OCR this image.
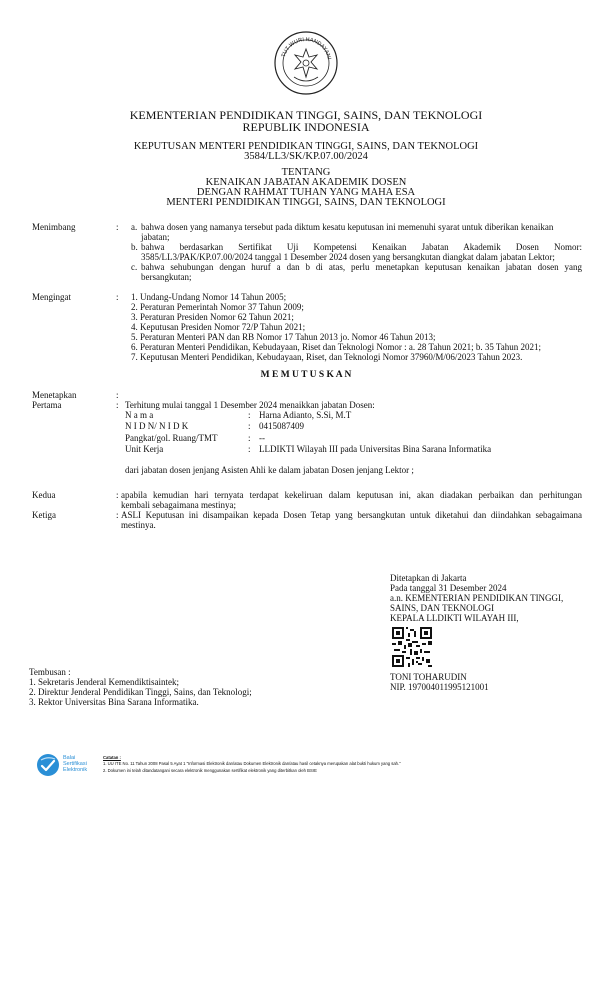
TUT WURI HANDAYANI
KEMENTERIAN PENDIDIKAN TINGGI, SAINS, DAN TEKNOLOGI
REPUBLIK INDONESIA
KEPUTUSAN MENTERI PENDIDIKAN TINGGI, SAINS, DAN TEKNOLOGI
3584/LL3/SK/KP.07.00/2024
TENTANG
KENAIKAN JABATAN AKADEMIK DOSEN
DENGAN RAHMAT TUHAN YANG MAHA ESA
MENTERI PENDIDIKAN TINGGI, SAINS, DAN TEKNOLOGI
Menimbang	: a. bahwa dosen yang namanya tersebut pada diktum kesatu keputusan ini memenuhi syarat untuk diberikan kenaikan
jabatan;
b. bahwa berdasarkan Sertifikat Uji Kompetensi Kenaikan Jabatan Akademik Dosen Nomor:
3585/LL3/PAK/KP.07.00/2024 tanggal 1 Desember 2024 dosen yang bersangkutan diangkat dalam jabatan Lektor;
c. bahwa sehubungan dengan huruf a dan b di atas, perlu menetapkan keputusan kenaikan jabatan dosen yang
bersangkutan;
Mengingat	: 1. Undang-Undang Nomor 14 Tahun 2005;
2. Peraturan Pemerintah Nomor 37 Tahun 2009;
3. Peraturan Presiden Nomor 62 Tahun 2021;
4. Keputusan Presiden Nomor 72/P Tahun 2021;
5. Peraturan Menteri PAN dan RB Nomor 17 Tahun 2013 jo. Nomor 46 Tahun 2013;
6. Peraturan Menteri Pendidikan, Kebudayaan, Riset dan Teknologi Nomor : a. 28 Tahun 2021; b. 35 Tahun 2021;
7. Keputusan Menteri Pendidikan, Kebudayaan, Riset, dan Teknologi Nomor 37960/M/06/2023 Tahun 2023.
M E M U T U S K A N
Menetapkan	:
Pertama	: Terhitung mulai tanggal 1 Desember 2024 menaikkan jabatan Dosen:
N a m a	: Harna Adianto, S.Si, M.T
N I D N/ N I D K	: 0415087409
Pangkat/gol. Ruang/TMT	: --
Unit Kerja	: LLDIKTI Wilayah III pada Universitas Bina Sarana Informatika
dari jabatan dosen jenjang Asisten Ahli ke dalam jabatan Dosen jenjang Lektor ;
Kedua	: apabila kemudian hari ternyata terdapat kekeliruan dalam keputusan ini, akan diadakan perbaikan dan perhitungan
kembali sebagaimana mestinya;
Ketiga	: ASLI Keputusan ini disampaikan kepada Dosen Tetap yang bersangkutan untuk diketahui dan diindahkan sebagaimana
mestinya.
Ditetapkan di Jakarta
Pada tanggal 31 Desember 2024
a.n. KEMENTERIAN PENDIDIKAN TINGGI,
SAINS, DAN TEKNOLOGI
KEPALA LLDIKTI WILAYAH III,
TONI TOHARUDIN
NIP. 197004011995121001
Tembusan :
1. Sekretaris Jenderal Kemendiktisaintek;
2. Direktur Jenderal Pendidikan Tinggi, Sains, dan Teknologi;
3. Rektor Universitas Bina Sarana Informatika.
Balai
Sertifikasi
Elektronik
Catatan :
1. UU ITE No. 11 Tahun 2008 Pasal 5 Ayat 1 "Informasi Elektronik dan/atau Dokumen Elektronik dan/atau hasil cetaknya merupakan alat bukti hukum yang sah."
2. Dokumen ini telah ditandatangani secara elektronik menggunakan sertifikat elektronik yang diterbitkan oleh BSrE
